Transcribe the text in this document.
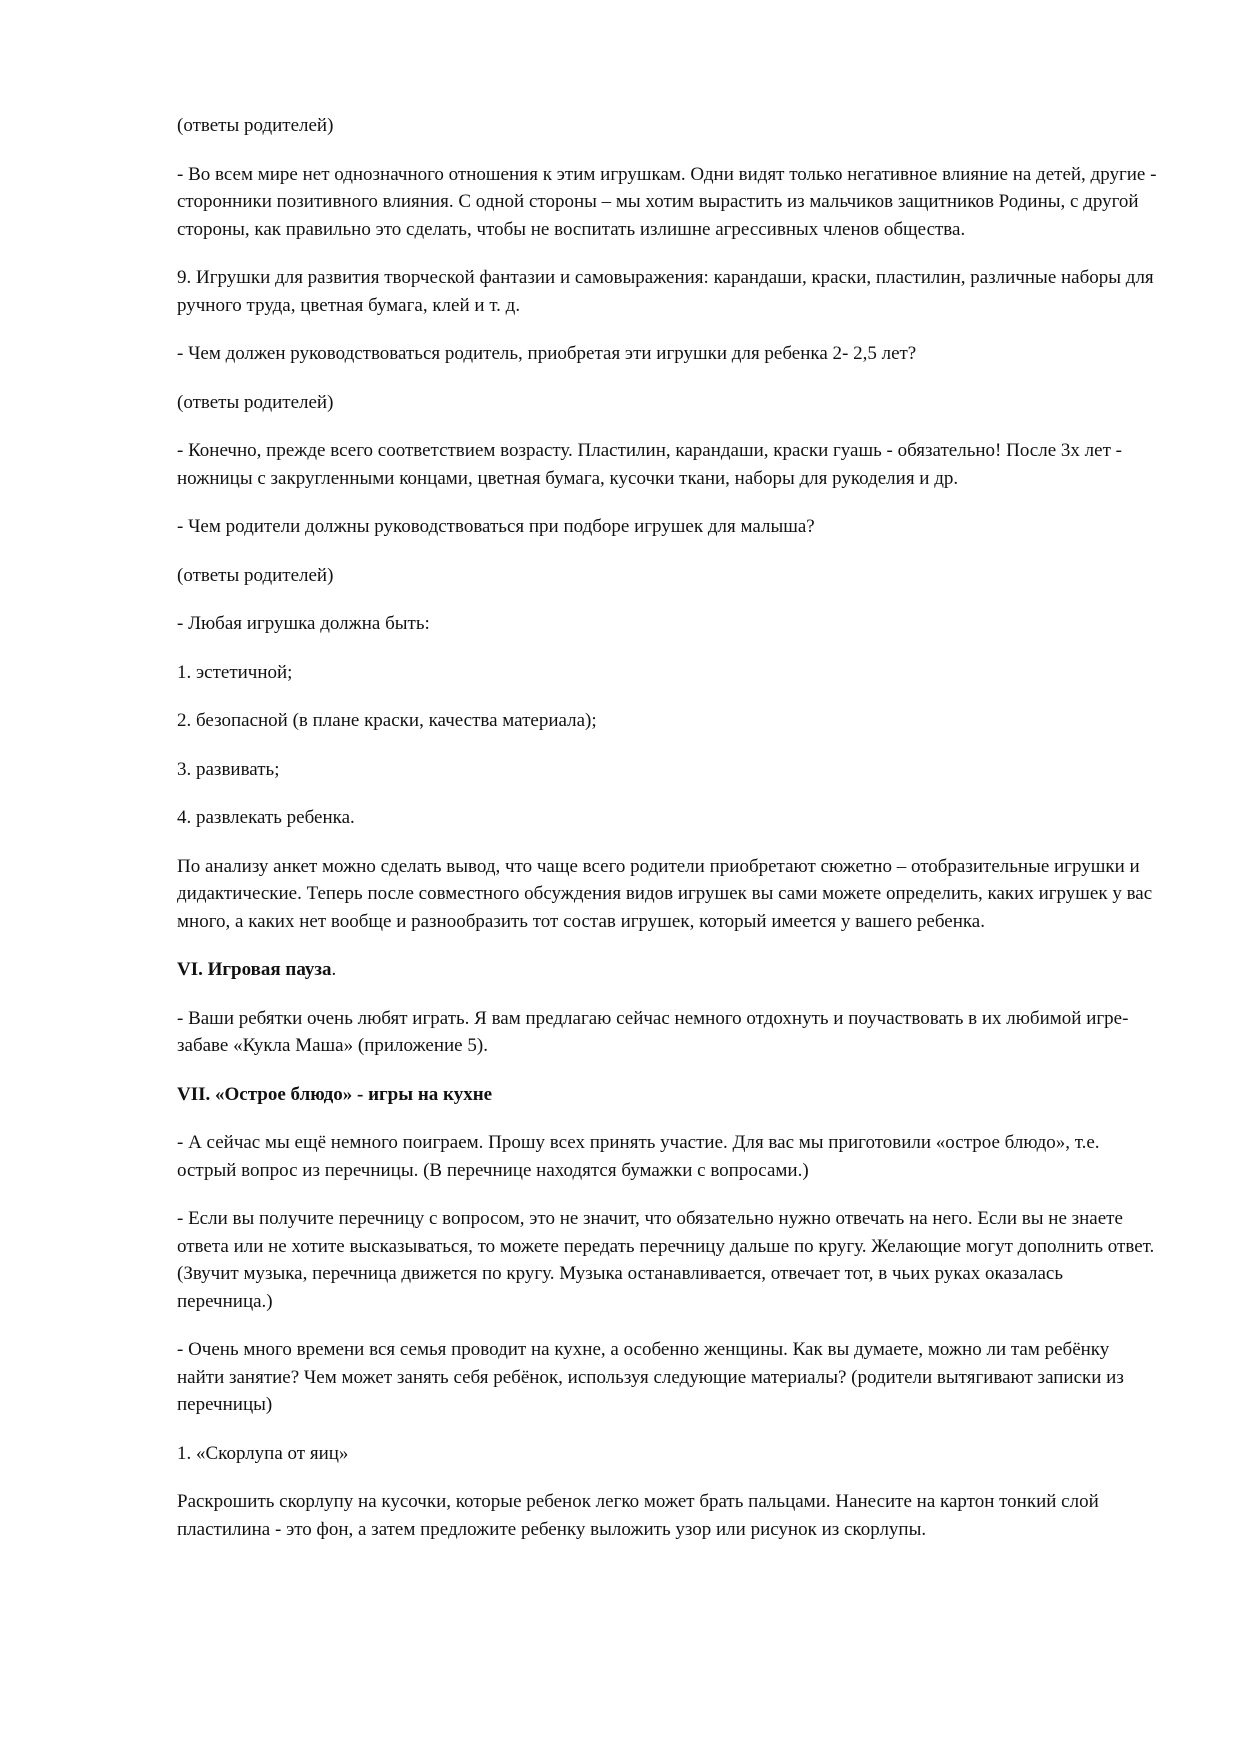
(ответы родителей)

- Во всем мире нет однозначного отношения к этим игрушкам. Одни видят только негативное влияние на детей, другие - сторонники позитивного влияния. С одной стороны – мы хотим вырастить из мальчиков защитников Родины, с другой стороны, как правильно это сделать, чтобы не воспитать излишне агрессивных членов общества.

9. Игрушки для развития творческой фантазии и самовыражения: карандаши, краски, пластилин, различные наборы для ручного труда, цветная бумага, клей и т. д.

- Чем должен руководствоваться родитель, приобретая эти игрушки для ребенка 2- 2,5 лет?

(ответы родителей)

- Конечно, прежде всего соответствием возрасту. Пластилин, карандаши, краски гуашь - обязательно! После 3х лет - ножницы с закругленными концами, цветная бумага, кусочки ткани, наборы для рукоделия и др.

- Чем родители должны руководствоваться при подборе игрушек для малыша?

(ответы родителей)

- Любая игрушка должна быть:

1. эстетичной;

2. безопасной (в плане краски, качества материала);

3. развивать;

4. развлекать ребенка.

По анализу анкет можно сделать вывод, что чаще всего родители приобретают сюжетно – отобразительные игрушки и дидактические. Теперь после совместного обсуждения видов игрушек вы сами можете определить, каких игрушек у вас много, а каких нет вообще и разнообразить тот состав игрушек, который имеется у вашего ребенка.

VI. Игровая пауза.

- Ваши ребятки очень любят играть. Я вам предлагаю сейчас немного отдохнуть и поучаствовать в их любимой игре-забаве «Кукла Маша» (приложение 5).

VII. «Острое блюдо» - игры на кухне

- А сейчас мы ещё немного поиграем. Прошу всех принять участие. Для вас мы приготовили «острое блюдо», т.е. острый вопрос из перечницы. (В перечнице находятся бумажки с вопросами.)

- Если вы получите перечницу с вопросом, это не значит, что обязательно нужно отвечать на него. Если вы не знаете ответа или не хотите высказываться, то можете передать перечницу дальше по кругу. Желающие могут дополнить ответ. (Звучит музыка, перечница движется по кругу. Музыка останавливается, отвечает тот, в чьих руках оказалась перечница.)

- Очень много времени вся семья проводит на кухне, а особенно женщины. Как вы думаете, можно ли там ребёнку найти занятие? Чем может занять себя ребёнок, используя следующие материалы? (родители вытягивают записки из перечницы)

1. «Скорлупа от яиц»

Раскрошить скорлупу на кусочки, которые ребенок легко может брать пальцами. Нанесите на картон тонкий слой пластилина - это фон, а затем предложите ребенку выложить узор или рисунок из скорлупы.
